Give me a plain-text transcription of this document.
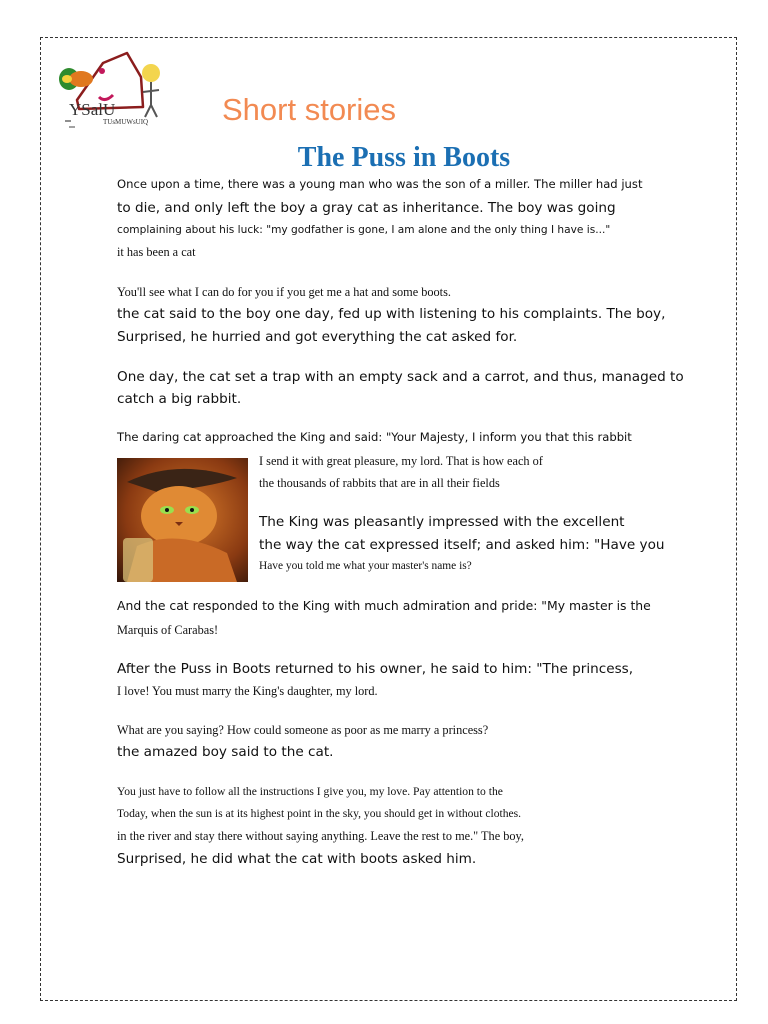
YSalU
TUsMUWsUIQ Short stories
The Puss in Boots
Once upon a time, there was a young man who was the son of a miller. The miller had just
to die, and only left the boy a gray cat as inheritance. The boy was going
complaining about his luck: "my godfather is gone, I am alone and the only thing I have is..."
it has been a cat
You'll see what I can do for you if you get me a hat and some boots.
the cat said to the boy one day, fed up with listening to his complaints. The boy,
Surprised, he hurried and got everything the cat asked for.
One day, the cat set a trap with an empty sack and a carrot, and thus, managed to
catch a big rabbit.
The daring cat approached the King and said: "Your Majesty, I inform you that this rabbit
I send it with great pleasure, my lord. That is how each of
the thousands of rabbits that are in all their fields
The King was pleasantly impressed with the excellent
the way the cat expressed itself; and asked him: "Have you
Have you told me what your master's name is?
And the cat responded to the King with much admiration and pride: "My master is the
Marquis of Carabas!
After the Puss in Boots returned to his owner, he said to him: "The princess,
I love! You must marry the King's daughter, my lord.
What are you saying? How could someone as poor as me marry a princess?
the amazed boy said to the cat.
You just have to follow all the instructions I give you, my love. Pay attention to the
Today, when the sun is at its highest point in the sky, you should get in without clothes.
in the river and stay there without saying anything. Leave the rest to me." The boy,
Surprised, he did what the cat with boots asked him.
